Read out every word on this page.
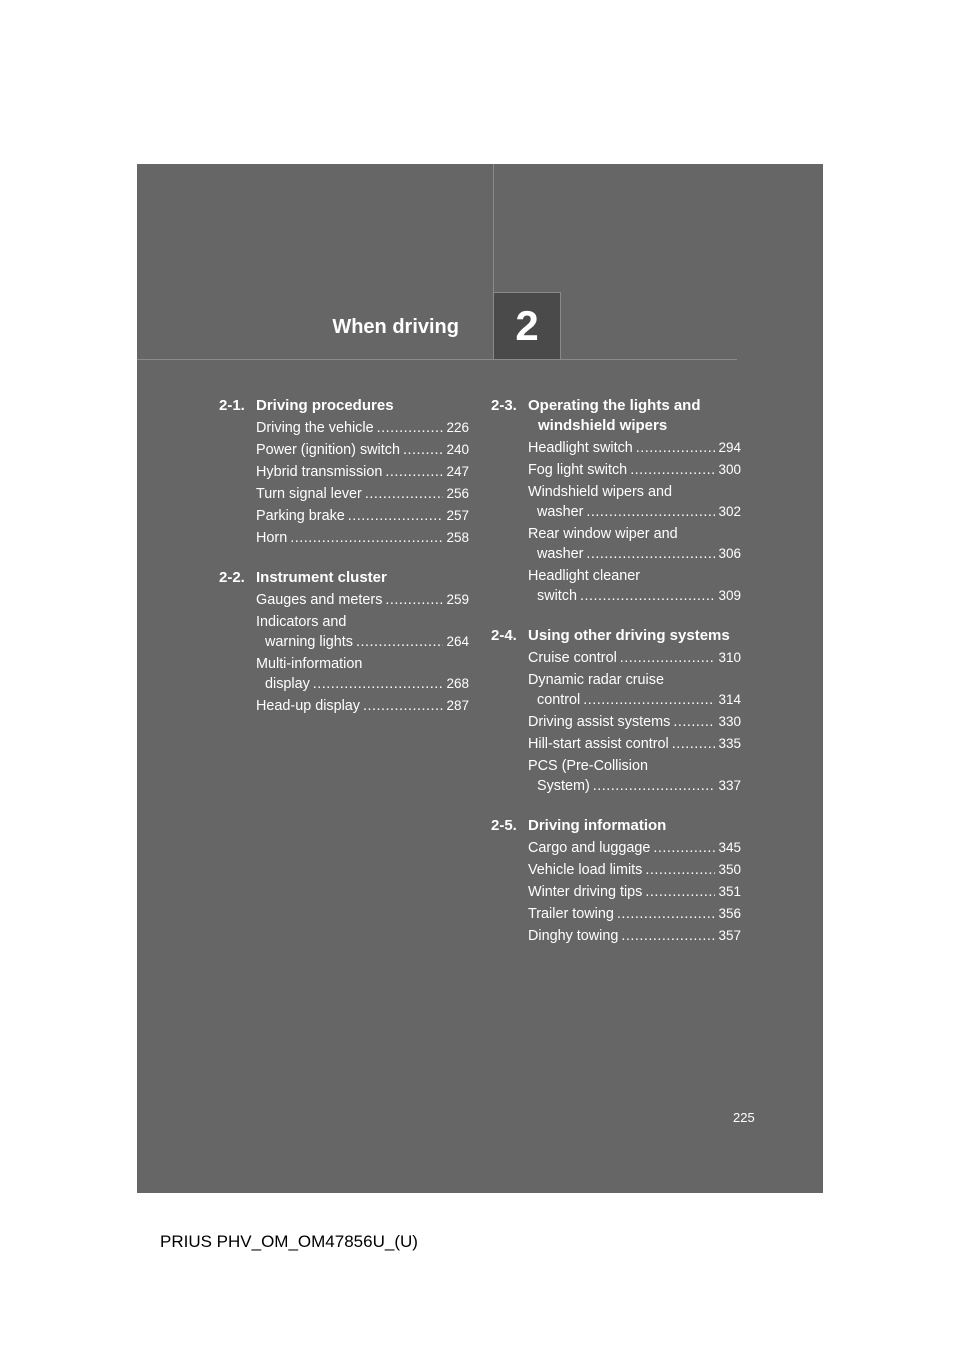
When driving 2
2-1. Driving procedures
Driving the vehicle .....	226
Power (ignition) switch .....	240
Hybrid transmission .....	247
Turn signal lever .....	256
Parking brake .....	257
Horn .....	258
2-2. Instrument cluster
Gauges and meters .....	259
Indicators and
warning lights .....	264
Multi-information
display .....	268
Head-up display .....	287
2-3. Operating the lights and
windshield wipers
Headlight switch .....	294
Fog light switch .....	300
Windshield wipers and
washer .....	302
Rear window wiper and
washer .....	306
Headlight cleaner
switch .....	309
2-4. Using other driving systems
Cruise control .....	310
Dynamic radar cruise
control .....	314
Driving assist systems .....	330
Hill-start assist control .....	335
PCS (Pre-Collision
System) .....	337
2-5. Driving information
Cargo and luggage .....	345
Vehicle load limits .....	350
Winter driving tips .....	351
Trailer towing .....	356
Dinghy towing .....	357
225
PRIUS PHV_OM_OM47856U_(U)
